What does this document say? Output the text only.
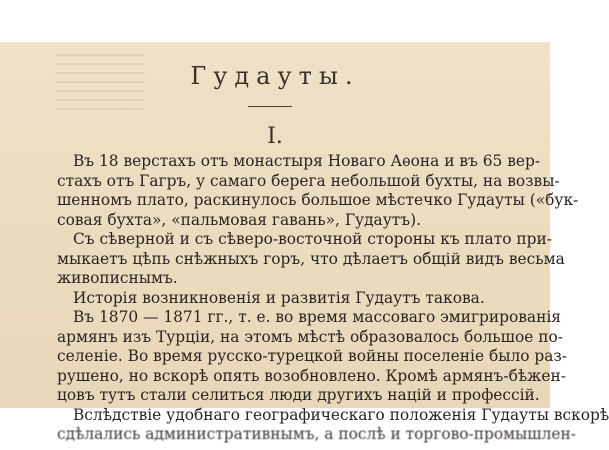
Гудауты.
I.
Въ 18 верстахъ отъ монастыря Новаго Аѳона и въ 65 вер-
стахъ отъ Гагръ, у самаго берега небольшой бухты, на возвы-
шенномъ плато, раскинулось большое мѣстечко Гудауты («бук-
совая бухта», «пальмовая гавань», Гудаутъ).
Съ сѣверной и съ сѣверо-восточной стороны къ плато при-
мыкаетъ цѣпь снѣжныхъ горъ, что дѣлаетъ общій видъ весьма
живописнымъ.
Исторія возникновенія и развитія Гудаутъ такова.
Въ 1870 — 1871 гг., т. е. во время массоваго эмигрированія
армянъ изъ Турціи, на этомъ мѣстѣ образовалось большое по-
селеніе. Во время русско-турецкой войны поселеніе было раз-
рушено, но вскорѣ опять возобновлено. Кромѣ армянъ-бѣжен-
цовъ тутъ стали селиться люди другихъ націй и профессій.
Вслѣдствіе удобнаго географическаго положенія Гудауты вскорѣ
сдѣлались административнымъ, а послѣ и торгово-промышлен-
